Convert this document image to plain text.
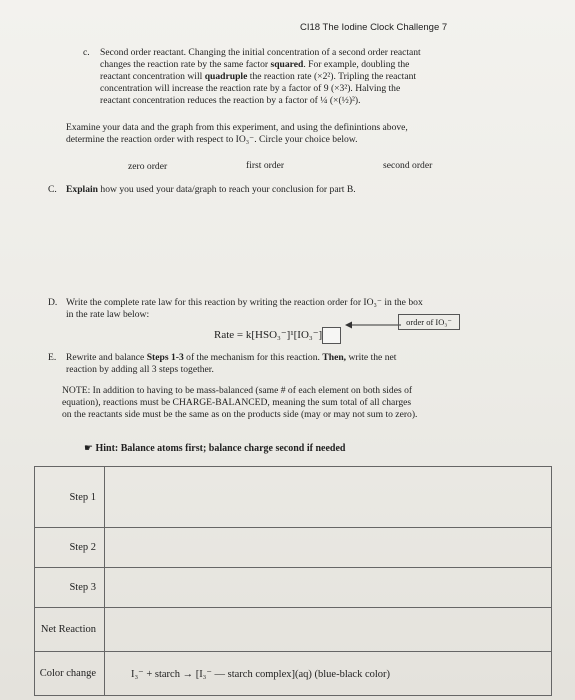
CI18 The Iodine Clock Challenge 7
c. Second order reactant. Changing the initial concentration of a second order reactant
changes the reaction rate by the same factor squared. For example, doubling the
reactant concentration will quadruple the reaction rate (×2²). Tripling the reactant
concentration will increase the reaction rate by a factor of 9 (×3²). Halving the
reactant concentration reduces the reaction by a factor of ¼ (×(½)²).
Examine your data and the graph from this experiment, and using the definintions above,
determine the reaction order with respect to IO₃⁻. Circle your choice below.
zero order	first order	second order
C. Explain how you used your data/graph to reach your conclusion for part B.
D. Write the complete rate law for this reaction by writing the reaction order for IO₃⁻ in the box
in the rate law below:
Rate = k[HSO₃⁻]¹[IO₃⁻]
order of IO₃⁻
E. Rewrite and balance Steps 1-3 of the mechanism for this reaction. Then, write the net
reaction by adding all 3 steps together.
NOTE: In addition to having to be mass-balanced (same # of each element on both sides of
equation), reactions must be CHARGE-BALANCED, meaning the sum total of all charges
on the reactants side must be the same as on the products side (may or may not sum to zero).
☛ Hint: Balance atoms first; balance charge second if needed
Step 1	
Step 2	
Step 3	
Net Reaction	
Color change	I₃⁻ + starch → [I₃⁻ — starch complex](aq) (blue-black color)
